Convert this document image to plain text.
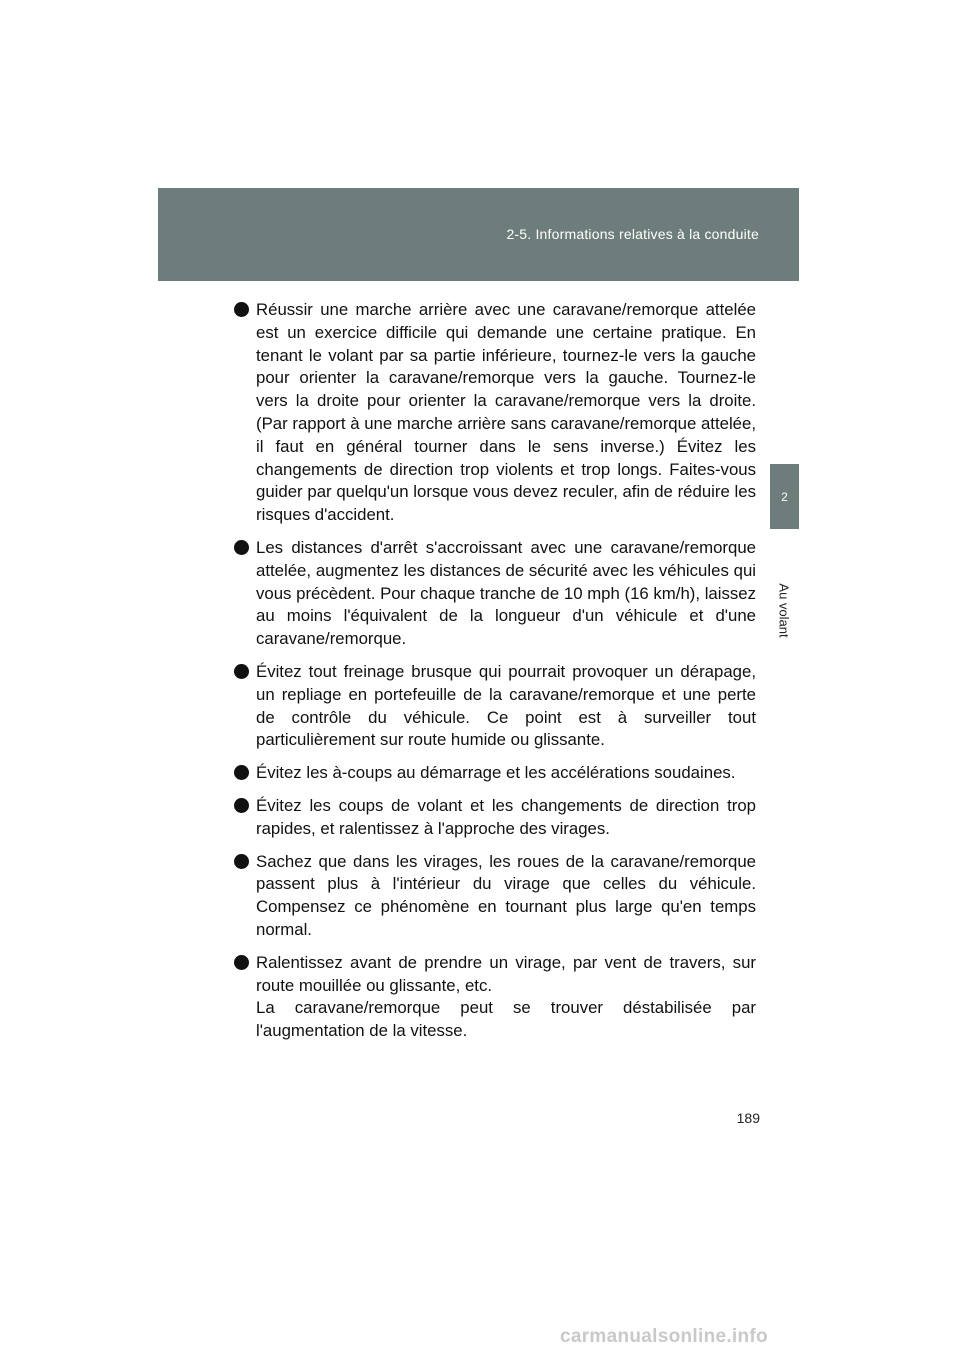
2-5. Informations relatives à la conduite
2
Au volant
Réussir une marche arrière avec une caravane/remorque attelée est un exercice difficile qui demande une certaine pratique. En tenant le volant par sa partie inférieure, tournez-le vers la gauche pour orienter la caravane/remorque vers la gauche. Tournez-le vers la droite pour orienter la caravane/remorque vers la droite. (Par rapport à une marche arrière sans caravane/remorque attelée, il faut en général tourner dans le sens inverse.) Évitez les changements de direction trop violents et trop longs. Faites-vous guider par quelqu'un lorsque vous devez reculer, afin de réduire les risques d'accident.
Les distances d'arrêt s'accroissant avec une caravane/remorque attelée, augmentez les distances de sécurité avec les véhicules qui vous précèdent. Pour chaque tranche de 10 mph (16 km/h), laissez au moins l'équivalent de la longueur d'un véhicule et d'une caravane/remorque.
Évitez tout freinage brusque qui pourrait provoquer un dérapage, un repliage en portefeuille de la caravane/remorque et une perte de contrôle du véhicule. Ce point est à surveiller tout particulièrement sur route humide ou glissante.
Évitez les à-coups au démarrage et les accélérations soudaines.
Évitez les coups de volant et les changements de direction trop rapides, et ralentissez à l'approche des virages.
Sachez que dans les virages, les roues de la caravane/remorque passent plus à l'intérieur du virage que celles du véhicule. Compensez ce phénomène en tournant plus large qu'en temps normal.
Ralentissez avant de prendre un virage, par vent de travers, sur route mouillée ou glissante, etc.
La caravane/remorque peut se trouver déstabilisée par l'augmentation de la vitesse.
189
carmanualsonline.info
